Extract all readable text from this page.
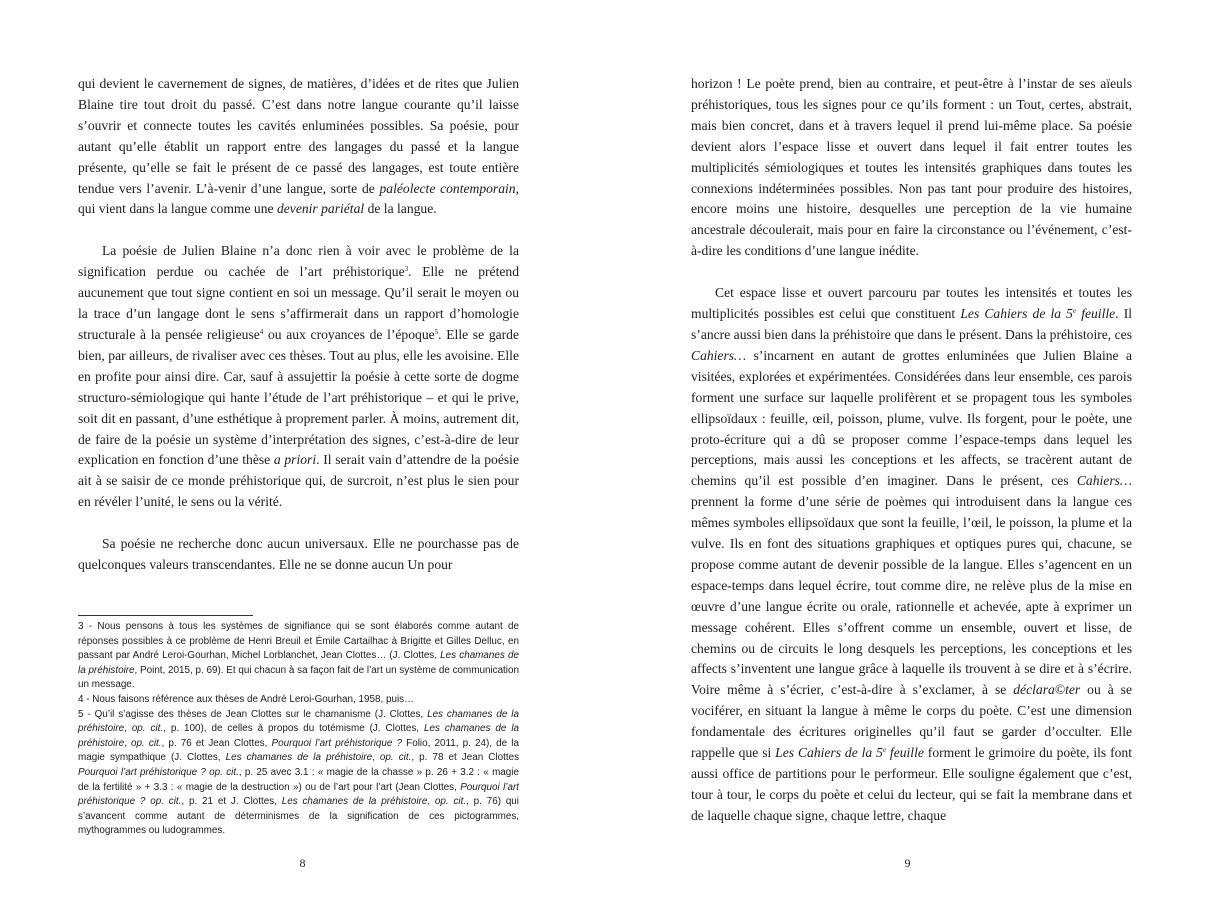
qui devient le cavernement de signes, de matières, d’idées et de rites que Julien Blaine tire tout droit du passé. C’est dans notre langue courante qu’il laisse s’ouvrir et connecte toutes les cavités enluminées possibles. Sa poésie, pour autant qu’elle établit un rapport entre des langages du passé et la langue présente, qu’elle se fait le présent de ce passé des langages, est toute entière tendue vers l’avenir. L’à-venir d’une langue, sorte de paléolecte contemporain, qui vient dans la langue comme une devenir pariétal de la langue.

La poésie de Julien Blaine n’a donc rien à voir avec le problème de la signification perdue ou cachée de l’art préhistorique$^3$. Elle ne prétend aucunement que tout signe contient en soi un message. Qu’il serait le moyen ou la trace d’un langage dont le sens s’affirmerait dans un rapport d’homologie structurale à la pensée religieuse$^4$ ou aux croyances de l’époque$^5$. Elle se garde bien, par ailleurs, de rivaliser avec ces thèses. Tout au plus, elle les avoisine. Elle en profite pour ainsi dire. Car, sauf à assujettir la poésie à cette sorte de dogme structuro-sémiologique qui hante l’étude de l’art préhistorique – et qui le prive, soit dit en passant, d’une esthétique à proprement parler. À moins, autrement dit, de faire de la poésie un système d’interprétation des signes, c’est-à-dire de leur explication en fonction d’une thèse a priori. Il serait vain d’attendre de la poésie ait à se saisir de ce monde préhistorique qui, de surcroit, n’est plus le sien pour en révéler l’unité, le sens ou la vérité.

Sa poésie ne recherche donc aucun universaux. Elle ne pourchasse pas de quelconques valeurs transcendantes. Elle ne se donne aucun Un pour

3 - Nous pensons à tous les systèmes de signifiance qui se sont élaborés comme autant de réponses possibles à ce problème de Henri Breuil et Émile Cartailhac à Brigitte et Gilles Delluc, en passant par André Leroi-Gourhan, Michel Lorblanchet, Jean Clottes… (J. Clottes, Les chamanes de la préhistoire, Point, 2015, p. 69). Et qui chacun à sa façon fait de l’art un système de communication un message.

4 - Nous faisons référence aux thèses de André Leroi-Gourhan, 1958, puis…

5 - Qu’il s’agisse des thèses de Jean Clottes sur le chamanisme (J. Clottes, Les chamanes de la préhistoire, op. cit., p. 100), de celles à propos du totémisme (J. Clottes, Les chamanes de la préhistoire, op. cit., p. 76 et Jean Clottes, Pourquoi l’art préhistorique ? Folio, 2011, p. 24), de la magie sympathique (J. Clottes, Les chamanes de la préhistoire, op. cit., p. 78 et Jean Clottes Pourquoi l’art préhistorique ? op. cit., p. 25 avec 3.1 : « magie de la chasse » p. 26 + 3.2 : « magie de la fertilité » + 3.3 : « magie de la destruction ») ou de l’art pour l’art (Jean Clottes, Pourquoi l’art préhistorique ? op. cit., p. 21 et J. Clottes, Les chamanes de la préhistoire, op. cit., p. 76) qui s’avancent comme autant de déterminismes de la signification de ces pictogrammes, mythogrammes ou ludogrammes.

8

horizon ! Le poète prend, bien au contraire, et peut-être à l’instar de ses aïeuls préhistoriques, tous les signes pour ce qu’ils forment : un Tout, certes, abstrait, mais bien concret, dans et à travers lequel il prend lui-même place. Sa poésie devient alors l’espace lisse et ouvert dans lequel il fait entrer toutes les multiplicités sémiologiques et toutes les intensités graphiques dans toutes les connexions indéterminées possibles. Non pas tant pour produire des histoires, encore moins une histoire, desquelles une perception de la vie humaine ancestrale découlerait, mais pour en faire la circonstance ou l’événement, c’est-à-dire les conditions d’une langue inédite.

Cet espace lisse et ouvert parcouru par toutes les intensités et toutes les multiplicités possibles est celui que constituent Les Cahiers de la 5e feuille. Il s’ancre aussi bien dans la préhistoire que dans le présent. Dans la préhistoire, ces Cahiers… s’incarnent en autant de grottes enluminées que Julien Blaine a visitées, explorées et expérimentées. Considérées dans leur ensemble, ces parois forment une surface sur laquelle prolifèrent et se propagent tous les symboles ellipsoïdaux : feuille, œil, poisson, plume, vulve. Ils forgent, pour le poète, une proto-écriture qui a dû se proposer comme l’espace-temps dans lequel les perceptions, mais aussi les conceptions et les affects, se tracèrent autant de chemins qu’il est possible d’en imaginer. Dans le présent, ces Cahiers… prennent la forme d’une série de poèmes qui introduisent dans la langue ces mêmes symboles ellipsoïdaux que sont la feuille, l’œil, le poisson, la plume et la vulve. Ils en font des situations graphiques et optiques pures qui, chacune, se propose comme autant de devenir possible de la langue. Elles s’agencent en un espace-temps dans lequel écrire, tout comme dire, ne relève plus de la mise en œuvre d’une langue écrite ou orale, rationnelle et achevée, apte à exprimer un message cohérent. Elles s’offrent comme un ensemble, ouvert et lisse, de chemins ou de circuits le long desquels les perceptions, les conceptions et les affects s’inventent une langue grâce à laquelle ils trouvent à se dire et à s’écrire. Voire même à s’écrier, c’est-à-dire à s’exclamer, à se déclara©ter ou à se vociférer, en situant la langue à même le corps du poète. C’est une dimension fondamentale des écritures originelles qu’il faut se garder d’occulter. Elle rappelle que si Les Cahiers de la 5e feuille forment le grimoire du poète, ils font aussi office de partitions pour le performeur. Elle souligne également que c’est, tour à tour, le corps du poète et celui du lecteur, qui se fait la membrane dans et de laquelle chaque signe, chaque lettre, chaque

9
